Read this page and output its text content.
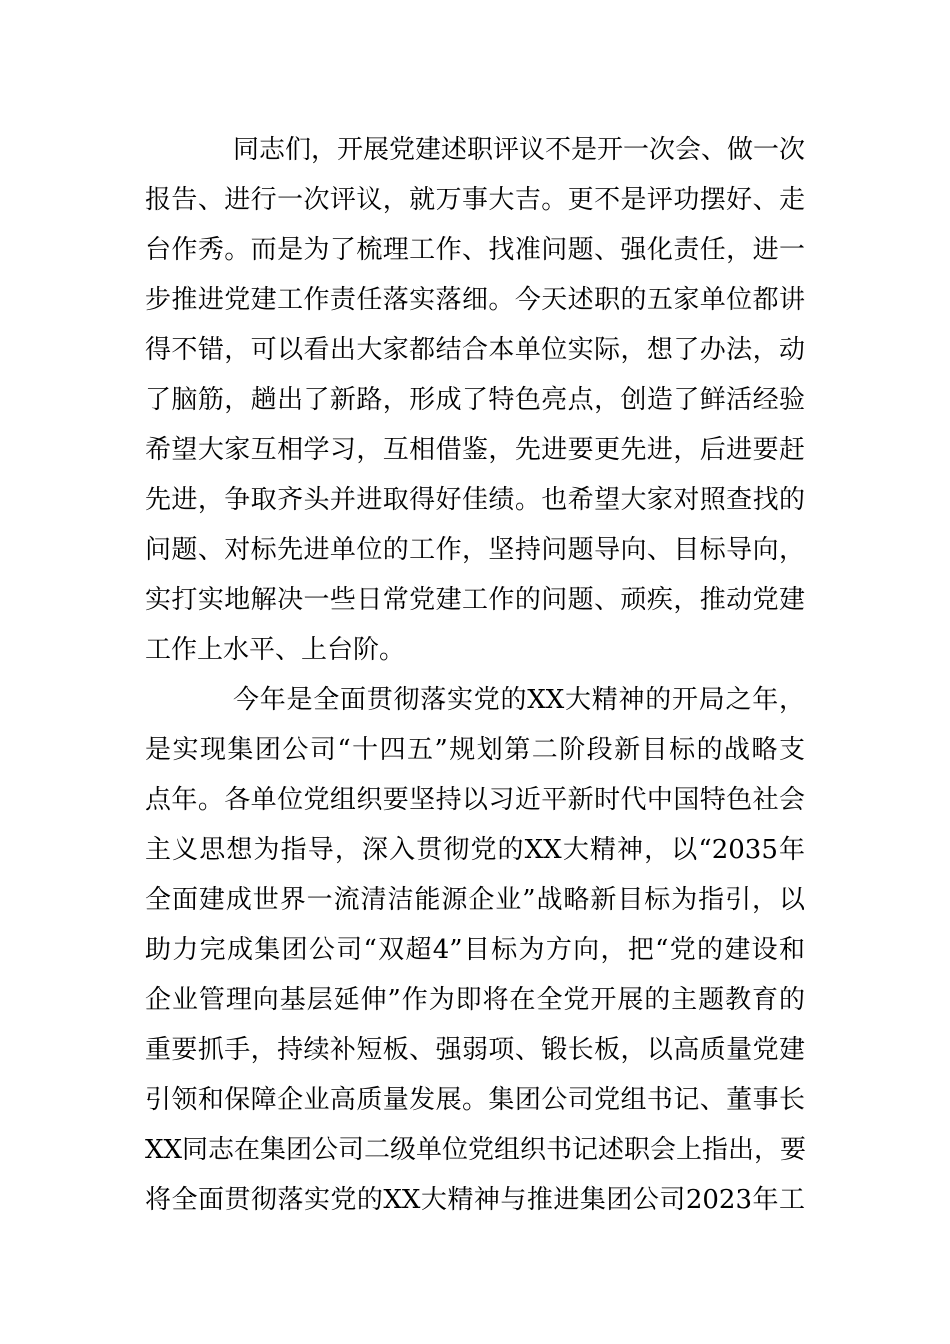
同志们，开展党建述职评议不是开一次会、做一次
报告、进行一次评议，就万事大吉。更不是评功摆好、走
台作秀。而是为了梳理工作、找准问题、强化责任，进一
步推进党建工作责任落实落细。今天述职的五家单位都讲
得不错，可以看出大家都结合本单位实际，想了办法，动
了脑筋，趟出了新路，形成了特色亮点，创造了鲜活经验
希望大家互相学习，互相借鉴，先进要更先进，后进要赶
先进，争取齐头并进取得好佳绩。也希望大家对照查找的
问题、对标先进单位的工作，坚持问题导向、目标导向，
实打实地解决一些日常党建工作的问题、顽疾，推动党建
工作上水平、上台阶。
今年是全面贯彻落实党的XX大精神的开局之年，
是实现集团公司“十四五”规划第二阶段新目标的战略支
点年。各单位党组织要坚持以习近平新时代中国特色社会
主义思想为指导，深入贯彻党的XX大精神，以“2035年
全面建成世界一流清洁能源企业”战略新目标为指引，以
助力完成集团公司“双超4”目标为方向，把“党的建设和
企业管理向基层延伸”作为即将在全党开展的主题教育的
重要抓手，持续补短板、强弱项、锻长板，以高质量党建
引领和保障企业高质量发展。集团公司党组书记、董事长
XX同志在集团公司二级单位党组织书记述职会上指出，要
将全面贯彻落实党的XX大精神与推进集团公司2023年工
